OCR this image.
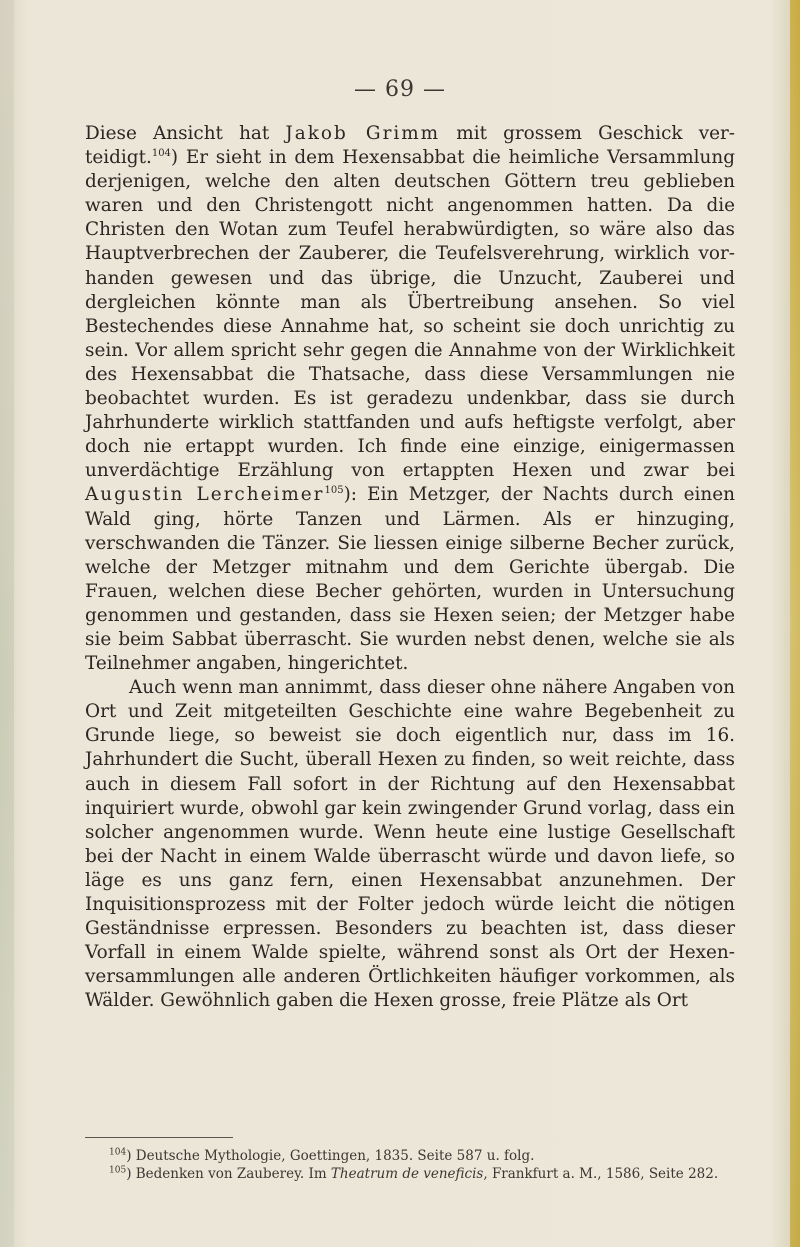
— 69 —

Diese Ansicht hat Jakob Grimm mit grossem Geschick verteidigt.$^{104}$) Er sieht in dem Hexensabbat die heimliche Versammlung derjenigen, welche den alten deutschen Göttern treu geblieben waren und den Christengott nicht angenommen hatten. Da die Christen den Wotan zum Teufel herabwürdigten, so wäre also das Hauptverbrechen der Zauberer, die Teufelsverehrung, wirklich vorhanden gewesen und das übrige, die Unzucht, Zauberei und dergleichen könnte man als Übertreibung ansehen. So viel Bestechendes diese Annahme hat, so scheint sie doch unrichtig zu sein. Vor allem spricht sehr gegen die Annahme von der Wirklichkeit des Hexensabbat die Thatsache, dass diese Versammlungen nie beobachtet wurden. Es ist geradezu undenkbar, dass sie durch Jahrhunderte wirklich stattfanden und aufs heftigste verfolgt, aber doch nie ertappt wurden. Ich finde eine einzige, einigermassen unverdächtige Erzählung von ertappten Hexen und zwar bei Augustin Lercheimer$^{105}$): Ein Metzger, der Nachts durch einen Wald ging, hörte Tanzen und Lärmen. Als er hinzuging, verschwanden die Tänzer. Sie liessen einige silberne Becher zurück, welche der Metzger mitnahm und dem Gerichte übergab. Die Frauen, welchen diese Becher gehörten, wurden in Untersuchung genommen und gestanden, dass sie Hexen seien; der Metzger habe sie beim Sabbat überrascht. Sie wurden nebst denen, welche sie als Teilnehmer angaben, hingerichtet.

Auch wenn man annimmt, dass dieser ohne nähere Angaben von Ort und Zeit mitgeteilten Geschichte eine wahre Begebenheit zu Grunde liege, so beweist sie doch eigentlich nur, dass im 16. Jahrhundert die Sucht, überall Hexen zu finden, so weit reichte, dass auch in diesem Fall sofort in der Richtung auf den Hexensabbat inquiriert wurde, obwohl gar kein zwingender Grund vorlag, dass ein solcher angenommen wurde. Wenn heute eine lustige Gesellschaft bei der Nacht in einem Walde überrascht würde und davon liefe, so läge es uns ganz fern, einen Hexensabbat anzunehmen. Der Inquisitionsprozess mit der Folter jedoch würde leicht die nötigen Geständnisse erpressen. Besonders zu beachten ist, dass dieser Vorfall in einem Walde spielte, während sonst als Ort der Hexenversammlungen alle anderen Örtlichkeiten häufiger vorkommen, als Wälder. Gewöhnlich gaben die Hexen grosse, freie Plätze als Ort

$^{104}$) Deutsche Mythologie, Goettingen, 1835. Seite 587 u. folg.

$^{105}$) Bedenken von Zauberey. Im Theatrum de veneficis, Frankfurt a. M., 1586, Seite 282.
